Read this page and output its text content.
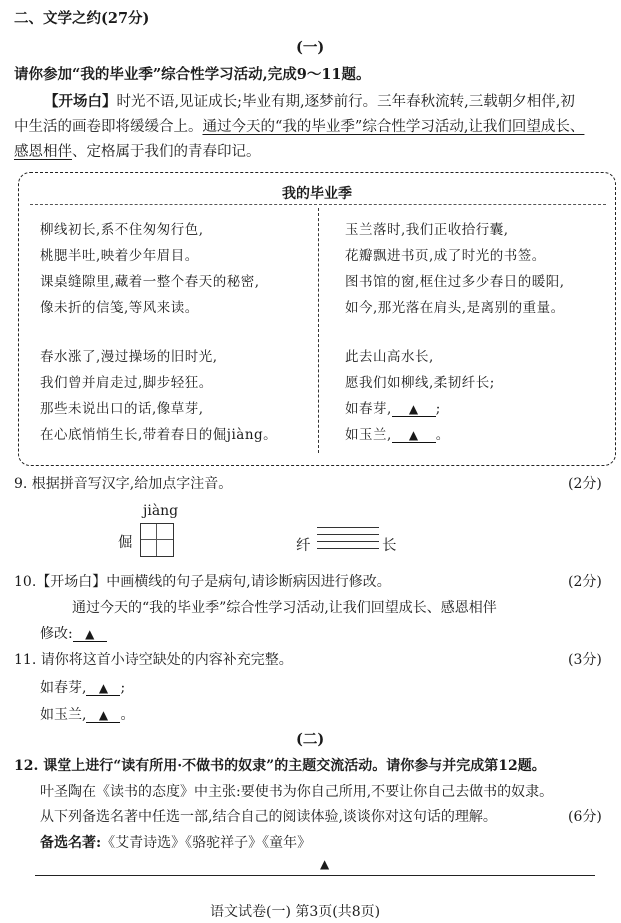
二、文学之约(27分)
(一)
请你参加“我的毕业季”综合性学习活动,完成9～11题。
【开场白】时光不语,见证成长;毕业有期,逐梦前行。三年春秋流转,三载朝夕相伴,初
中生活的画卷即将缓缓合上。通过今天的“我的毕业季”综合性学习活动,让我们回望成长、
感恩相伴、定格属于我们的青春印记。
我的毕业季
柳线初长,系不住匆匆行色,
桃腮半吐,映着少年眉目。
课桌缝隙里,藏着一整个春天的秘密,
像未折的信笺,等风来读。
春水涨了,漫过操场的旧时光,
我们曾并肩走过,脚步轻狂。
那些未说出口的话,像草芽,
在心底悄悄生长,带着春日的倔jiàng。
玉兰落时,我们正收拾行囊,
花瓣飘进书页,成了时光的书签。
图书馆的窗,框住过多少春日的暖阳,
如今,那光落在肩头,是离别的重量。
此去山高水长,
愿我们如柳线,柔韧纤长;
如春芽, ▲ ;
如玉兰, ▲ 。
9. 根据拼音写汉字,给加点字注音。	(2分)
jiàng
倔	纤	长
10.【开场白】中画横线的句子是病句,请诊断病因进行修改。	(2分)
通过今天的“我的毕业季”综合性学习活动,让我们回望成长、感恩相伴
修改: ▲
11. 请你将这首小诗空缺处的内容补充完整。	(3分)
如春芽, ▲ ;
如玉兰, ▲ 。
(二)
12. 课堂上进行“读有所用·不做书的奴隶”的主题交流活动。请你参与并完成第12题。
叶圣陶在《读书的态度》中主张:要使书为你自己所用,不要让你自己去做书的奴隶。
从下列备选名著中任选一部,结合自己的阅读体验,谈谈你对这句话的理解。	(6分)
备选名著:《艾青诗选》《骆驼祥子》《童年》
▲
语文试卷(一) 第3页(共8页)
